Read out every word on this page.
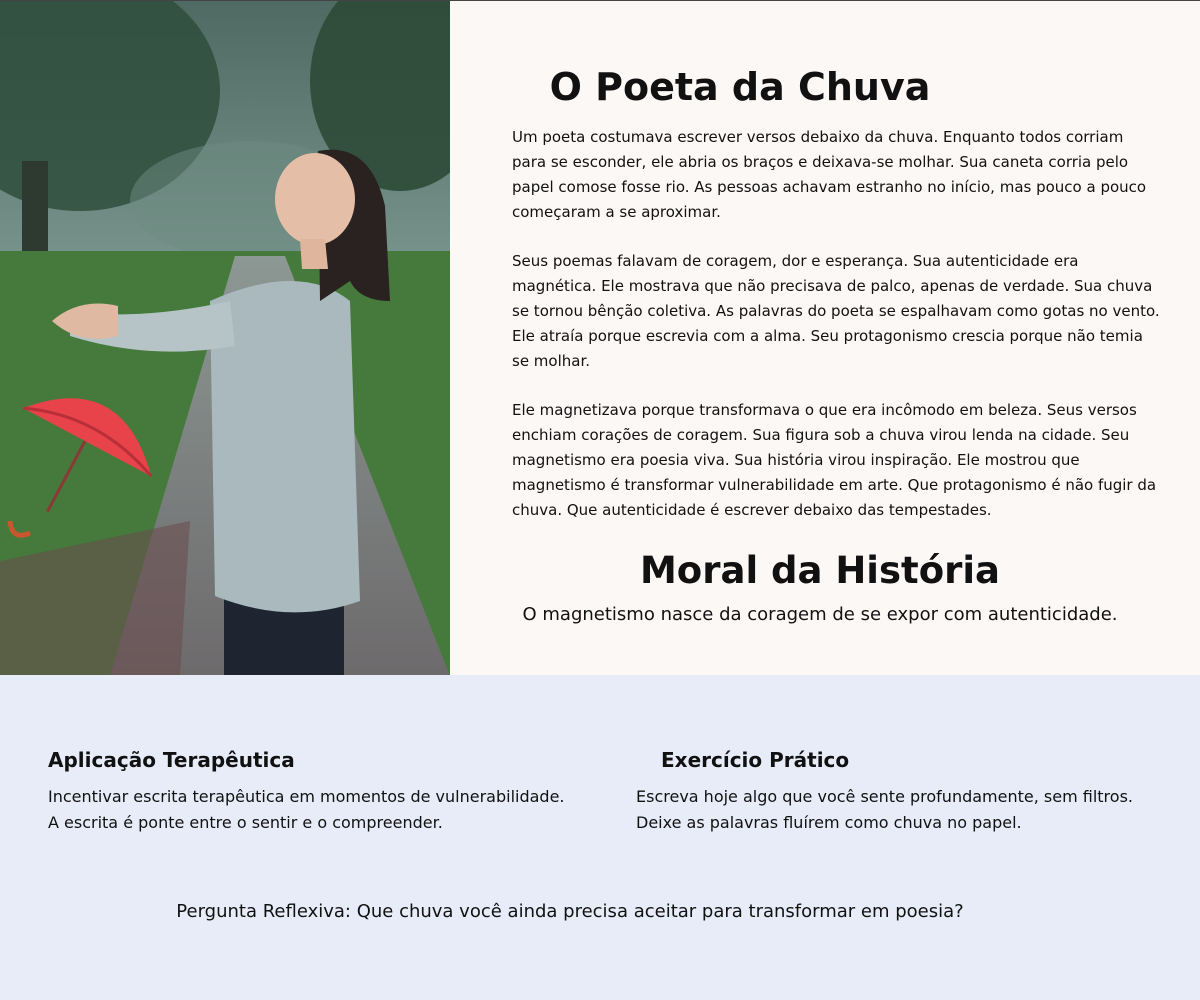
O Poeta da Chuva

Um poeta costumava escrever versos debaixo da chuva. Enquanto todos corriam para se esconder, ele abria os braços e deixava-se molhar. Sua caneta corria pelo papel comose fosse rio. As pessoas achavam estranho no início, mas pouco a pouco começaram a se aproximar.

Seus poemas falavam de coragem, dor e esperança. Sua autenticidade era magnética. Ele mostrava que não precisava de palco, apenas de verdade. Sua chuva se tornou bênção coletiva. As palavras do poeta se espalhavam como gotas no vento. Ele atraía porque escrevia com a alma. Seu protagonismo crescia porque não temia se molhar.

Ele magnetizava porque transformava o que era incômodo em beleza. Seus versos enchiam corações de coragem. Sua figura sob a chuva virou lenda na cidade. Seu magnetismo era poesia viva. Sua história virou inspiração. Ele mostrou que magnetismo é transformar vulnerabilidade em arte. Que protagonismo é não fugir da chuva. Que autenticidade é escrever debaixo das tempestades.

Moral da História

O magnetismo nasce da coragem de se expor com autenticidade.

Aplicação Terapêutica

Incentivar escrita terapêutica em momentos de vulnerabilidade.

A escrita é ponte entre o sentir e o compreender.

Exercício Prático

Escreva hoje algo que você sente profundamente, sem filtros.

Deixe as palavras fluírem como chuva no papel.

Pergunta Reflexiva: Que chuva você ainda precisa aceitar para transformar em poesia?
